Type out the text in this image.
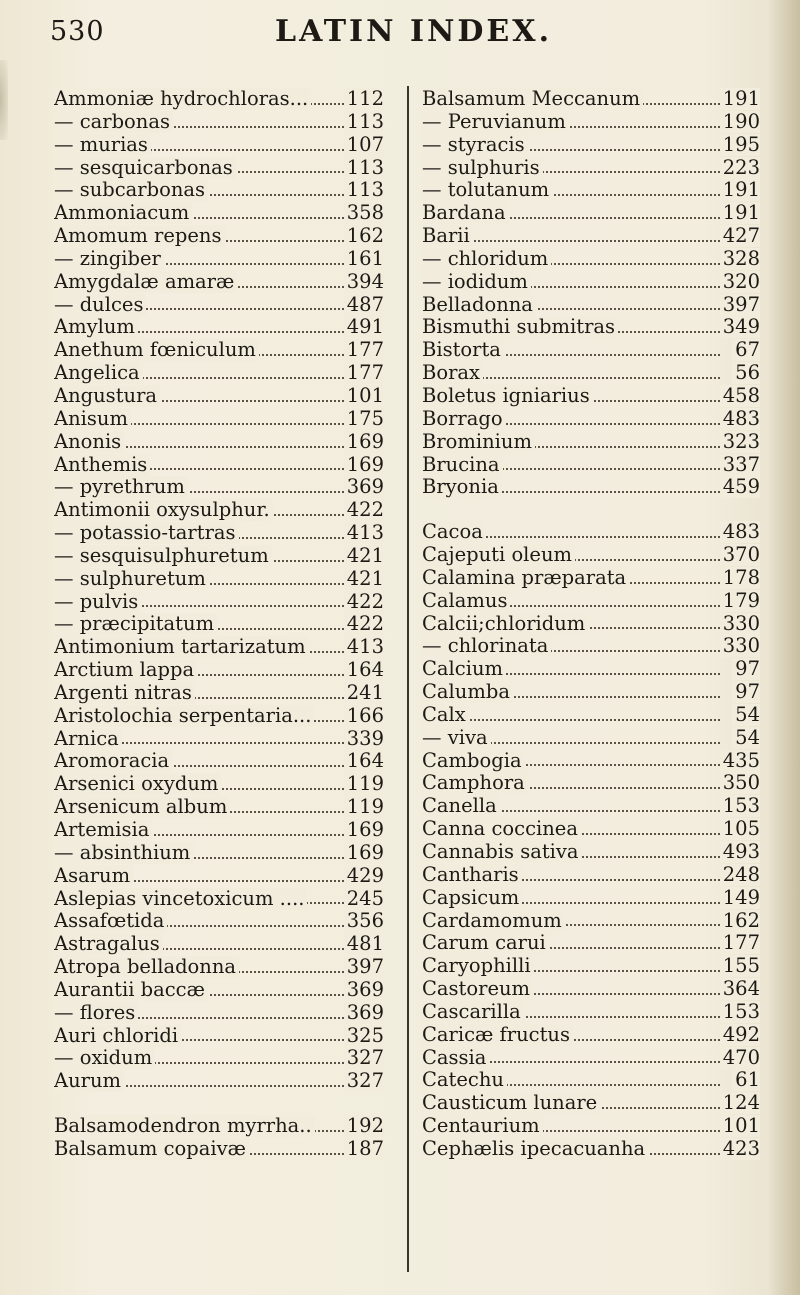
530	LATIN INDEX.
Ammoniæ hydrochloras... 112
— carbonas	113
— murias	107
— sesquicarbonas	113
— subcarbonas	113
Ammoniacum	358
Amomum repens	162
— zingiber	161
Amygdalæ amaræ	394
— dulces	487
Amylum	491
Anethum fœniculum	177
Angelica	177
Angustura	101
Anisum	175
Anonis	169
Anthemis	169
— pyrethrum	369
Antimonii oxysulphur.	422
— potassio-tartras	413
— sesquisulphuretum	421
— sulphuretum	421
— pulvis	422
— præcipitatum	422
Antimonium tartarizatum 413
Arctium lappa	164
Argenti nitras	241
Aristolochia serpentaria... 166
Arnica	339
Aromoracia	164
Arsenici oxydum	119
Arsenicum album	119
Artemisia	169
— absinthium	169
Asarum	429
Aslepias vincetoxicum .... 245
Assafœtida	356
Astragalus	481
Atropa belladonna	397
Aurantii baccæ	369
— flores	369
Auri chloridi	325
— oxidum	327
Aurum	327
Balsamodendron myrrha.. 192
Balsamum copaivæ	187
Balsamum Meccanum	191
— Peruvianum	190
— styracis	195
— sulphuris	223
— tolutanum	191
Bardana	191
Barii	427
— chloridum	328
— iodidum	320
Belladonna	397
Bismuthi submitras	349
Bistorta	67
Borax	56
Boletus igniarius	458
Borrago	483
Brominium	323
Brucina	337
Bryonia	459
Cacoa	483
Cajeputi oleum	370
Calamina præparata	178
Calamus	179
Calcii;chloridum	330
— chlorinata	330
Calcium	97
Calumba	97
Calx	54
— viva	54
Cambogia	435
Camphora	350
Canella	153
Canna coccinea	105
Cannabis sativa	493
Cantharis	248
Capsicum	149
Cardamomum	162
Carum carui	177
Caryophilli	155
Castoreum	364
Cascarilla	153
Caricæ fructus	492
Cassia	470
Catechu	61
Causticum lunare	124
Centaurium	101
Cephælis ipecacuanha	423
